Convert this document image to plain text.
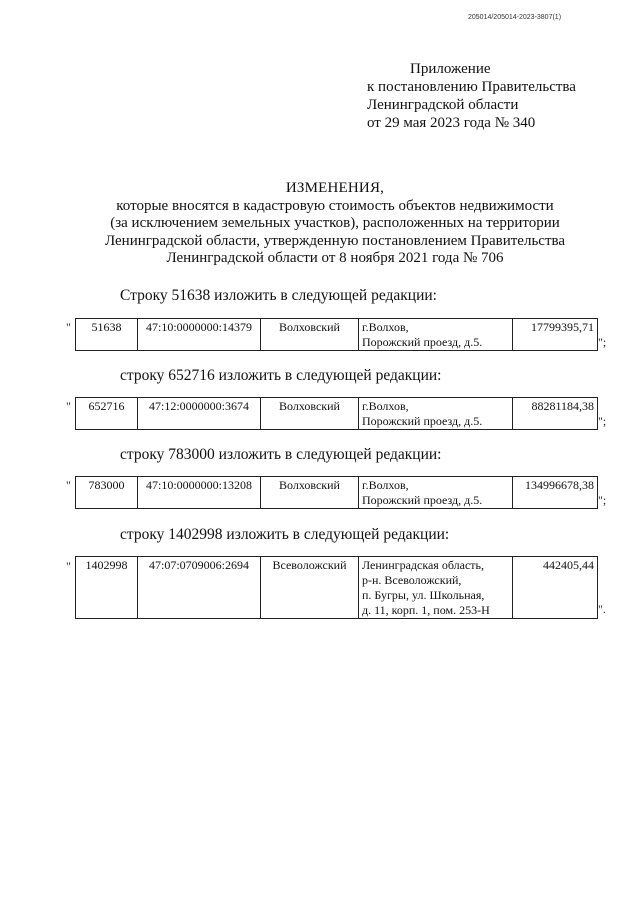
205014/205014-2023-3807(1)
Приложение
к постановлению Правительства
Ленинградской области
от 29 мая 2023 года № 340
ИЗМЕНЕНИЯ,
которые вносятся в кадастровую стоимость объектов недвижимости
(за исключением земельных участков), расположенных на территории
Ленинградской области, утвержденную постановлением Правительства
Ленинградской области от 8 ноября 2021 года № 706
Строку 51638 изложить в следующей редакции:
" 51638	47:10:0000000:14379	Волховский	г.Волхов,
Порожский проезд, д.5.
	17799395,71
";
строку 652716 изложить в следующей редакции:
" 652716	47:12:0000000:3674	Волховский	г.Волхов,
Порожский проезд, д.5.
	88281184,38
";
строку 783000 изложить в следующей редакции:
" 783000	47:10:0000000:13208	Волховский	г.Волхов,
Порожский проезд, д.5.
	134996678,38
";
строку 1402998 изложить в следующей редакции:
" 1402998	47:07:0709006:2694	Всеволожский	Ленинградская область,
р-н. Всеволожский,
п. Бугры, ул. Школьная,
д. 11, корп. 1, пом. 253-Н
	442405,44
".
